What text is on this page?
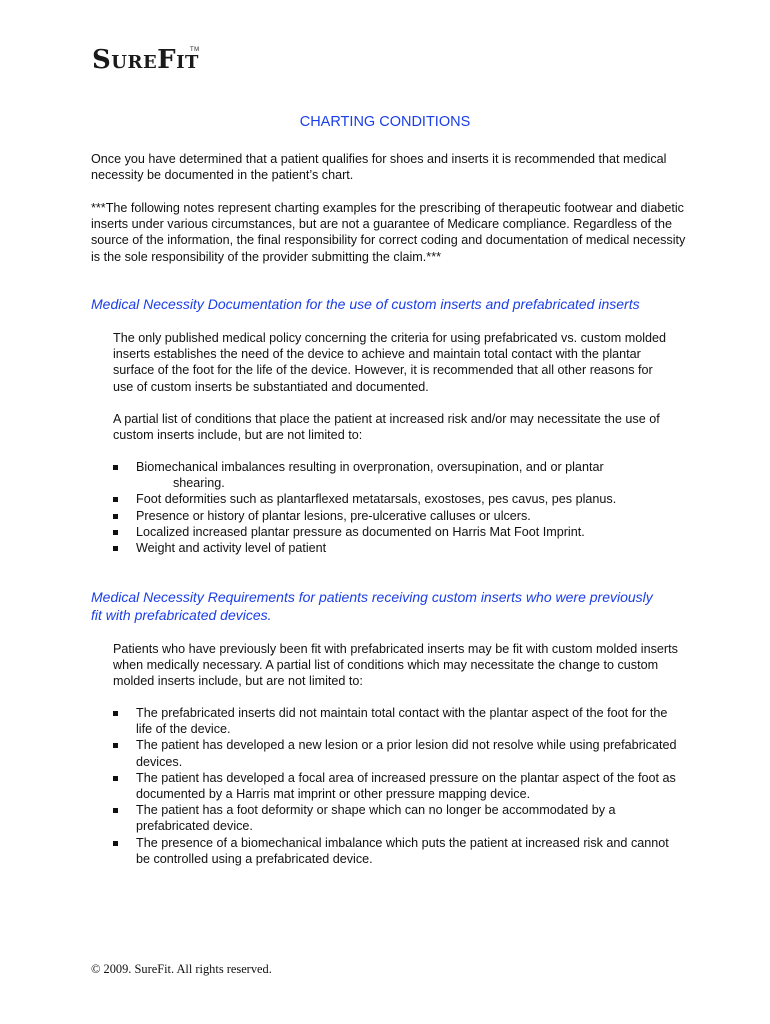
SUREFIT
TM
CHARTING CONDITIONS

Once you have determined that a patient qualifies for shoes and inserts it is recommended that medical necessity be documented in the patient’s chart.

***The following notes represent charting examples for the prescribing of therapeutic footwear and diabetic inserts under various circumstances, but are not a guarantee of Medicare compliance. Regardless of the source of the information, the final responsibility for correct coding and documentation of medical necessity is the sole responsibility of the provider submitting the claim.***

Medical Necessity Documentation for the use of custom inserts and prefabricated inserts

The only published medical policy concerning the criteria for using prefabricated vs. custom molded inserts establishes the need of the device to achieve and maintain total contact with the plantar surface of the foot for the life of the device. However, it is recommended that all other reasons for use of custom inserts be substantiated and documented.

A partial list of conditions that place the patient at increased risk and/or may necessitate the use of custom inserts include, but are not limited to:

Biomechanical imbalances resulting in overpronation, oversupination, and or plantar
shearing.
Foot deformities such as plantarflexed metatarsals, exostoses, pes cavus, pes planus.
Presence or history of plantar lesions, pre-ulcerative calluses or ulcers.
Localized increased plantar pressure as documented on Harris Mat Foot Imprint.
Weight and activity level of patient

Medical Necessity Requirements for patients receiving custom inserts who were previously
fit with prefabricated devices.

Patients who have previously been fit with prefabricated inserts may be fit with custom molded inserts when medically necessary. A partial list of conditions which may necessitate the change to custom molded inserts include, but are not limited to:

The prefabricated inserts did not maintain total contact with the plantar aspect of the foot for the life of the device.
The patient has developed a new lesion or a prior lesion did not resolve while using prefabricated devices.
The patient has developed a focal area of increased pressure on the plantar aspect of the foot as documented by a Harris mat imprint or other pressure mapping device.
The patient has a foot deformity or shape which can no longer be accommodated by a prefabricated device.
The presence of a biomechanical imbalance which puts the patient at increased risk and cannot be controlled using a prefabricated device.
© 2009. SureFit. All rights reserved.
